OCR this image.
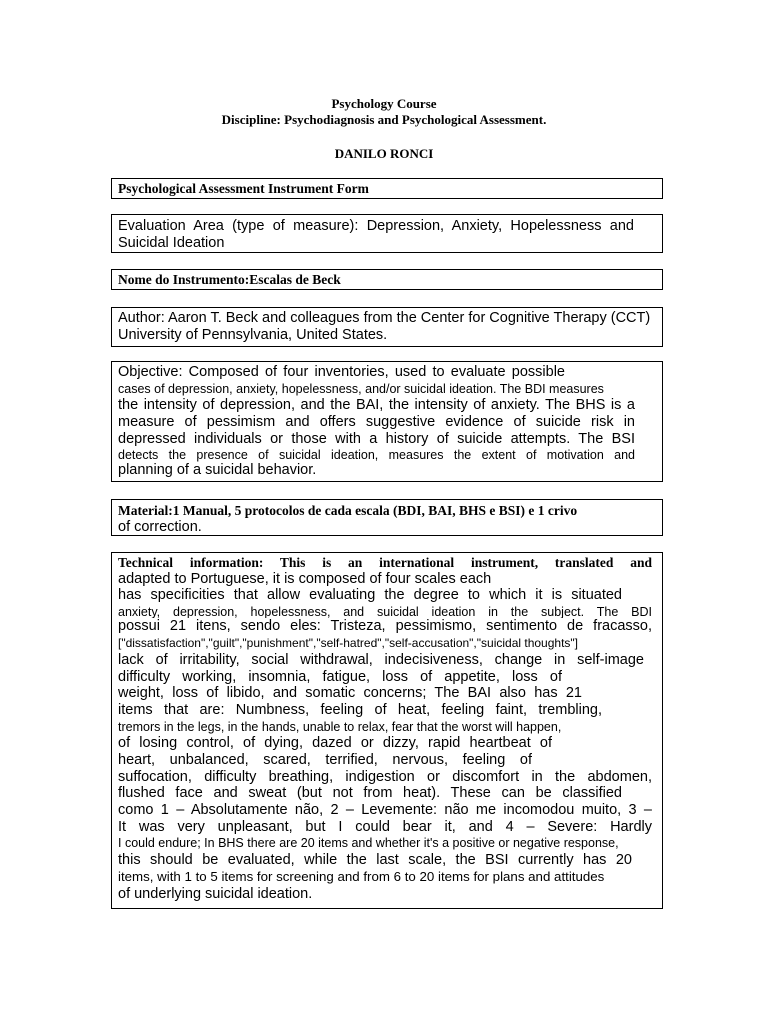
Psychology Course
Discipline: Psychodiagnosis and Psychological Assessment.
DANILO RONCI
Psychological Assessment Instrument Form
Evaluation Area (type of measure): Depression, Anxiety, Hopelessness and
Suicidal Ideation
Nome do Instrumento:Escalas de Beck
Author: Aaron T. Beck and colleagues from the Center for Cognitive Therapy (CCT)
University of Pennsylvania, United States.
Objective: Composed of four inventories, used to evaluate possible
cases of depression, anxiety, hopelessness, and/or suicidal ideation. The BDI measures
the intensity of depression, and the BAI, the intensity of anxiety. The BHS is a
measure of pessimism and offers suggestive evidence of suicide risk in
depressed individuals or those with a history of suicide attempts. The BSI
detects the presence of suicidal ideation, measures the extent of motivation and
planning of a suicidal behavior.
Material:1 Manual, 5 protocolos de cada escala (BDI, BAI, BHS e BSI) e 1 crivo
of correction.
Technical information: This is an international instrument, translated and
adapted to Portuguese, it is composed of four scales each
has specificities that allow evaluating the degree to which it is situated
anxiety, depression, hopelessness, and suicidal ideation in the subject. The BDI
possui 21 itens, sendo eles: Tristeza, pessimismo, sentimento de fracasso,
["dissatisfaction","guilt","punishment","self-hatred","self-accusation","suicidal thoughts"]
lack of irritability, social withdrawal, indecisiveness, change in self-image
difficulty working, insomnia, fatigue, loss of appetite, loss of
weight, loss of libido, and somatic concerns; The BAI also has 21
items that are: Numbness, feeling of heat, feeling faint, trembling,
tremors in the legs, in the hands, unable to relax, fear that the worst will happen,
of losing control, of dying, dazed or dizzy, rapid heartbeat of
heart, unbalanced, scared, terrified, nervous, feeling of
suffocation, difficulty breathing, indigestion or discomfort in the abdomen,
flushed face and sweat (but not from heat). These can be classified
como 1 – Absolutamente não, 2 – Levemente: não me incomodou muito, 3 –
It was very unpleasant, but I could bear it, and 4 – Severe: Hardly
I could endure; In BHS there are 20 items and whether it's a positive or negative response,
this should be evaluated, while the last scale, the BSI currently has 20
items, with 1 to 5 items for screening and from 6 to 20 items for plans and attitudes
of underlying suicidal ideation.
